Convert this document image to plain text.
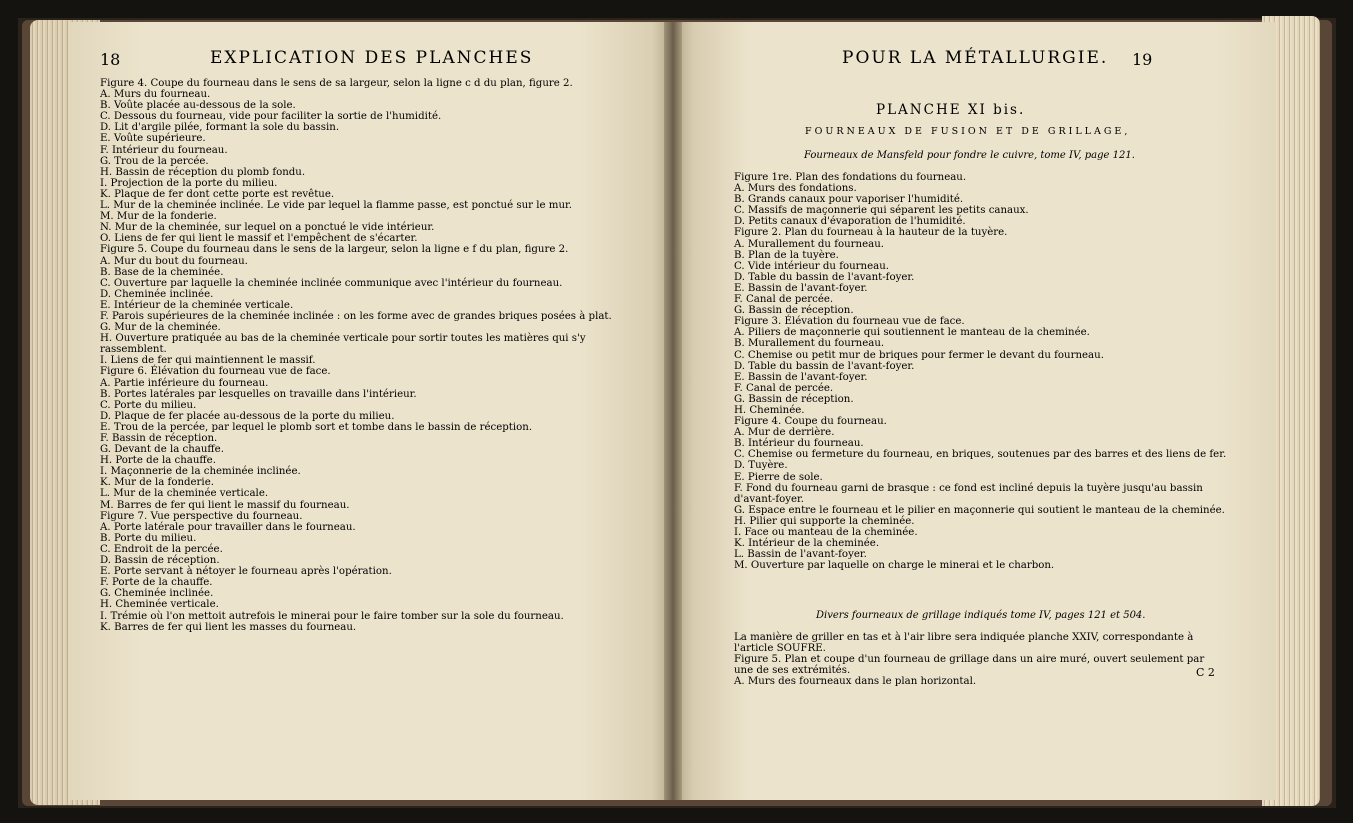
18	EXPLICATION DES PLANCHES

Figure 4. Coupe du fourneau dans le sens de sa largeur, selon la ligne c d du plan, figure 2.

A. Murs du fourneau.

B. Voûte placée au-dessous de la sole.

C. Dessous du fourneau, vide pour faciliter la sortie de l'humidité.

D. Lit d'argile pilée, formant la sole du bassin.

E. Voûte supérieure.

F. Intérieur du fourneau.

G. Trou de la percée.

H. Bassin de réception du plomb fondu.

I. Projection de la porte du milieu.

K. Plaque de fer dont cette porte est revêtue.

L. Mur de la cheminée inclinée. Le vide par lequel la flamme passe, est ponctué sur le mur.

M. Mur de la fonderie.

N. Mur de la cheminée, sur lequel on a ponctué le vide intérieur.

O. Liens de fer qui lient le massif et l'empêchent de s'écarter.

Figure 5. Coupe du fourneau dans le sens de la largeur, selon la ligne e f du plan, figure 2.

A. Mur du bout du fourneau.

B. Base de la cheminée.

C. Ouverture par laquelle la cheminée inclinée communique avec l'intérieur du fourneau.

D. Cheminée inclinée.

E. Intérieur de la cheminée verticale.

F. Parois supérieures de la cheminée inclinée : on les forme avec de grandes briques posées à plat.

G. Mur de la cheminée.

H. Ouverture pratiquée au bas de la cheminée verticale pour sortir toutes les matières qui s'y

rassemblent.

I. Liens de fer qui maintiennent le massif.

Figure 6. Élévation du fourneau vue de face.

A. Partie inférieure du fourneau.

B. Portes latérales par lesquelles on travaille dans l'intérieur.

C. Porte du milieu.

D. Plaque de fer placée au-dessous de la porte du milieu.

E. Trou de la percée, par lequel le plomb sort et tombe dans le bassin de réception.

F. Bassin de réception.

G. Devant de la chauffe.

H. Porte de la chauffe.

I. Maçonnerie de la cheminée inclinée.

K. Mur de la fonderie.

L. Mur de la cheminée verticale.

M. Barres de fer qui lient le massif du fourneau.

Figure 7. Vue perspective du fourneau.

A. Porte latérale pour travailler dans le fourneau.

B. Porte du milieu.

C. Endroit de la percée.

D. Bassin de réception.

E. Porte servant à nétoyer le fourneau après l'opération.

F. Porte de la chauffe.

G. Cheminée inclinée.

H. Cheminée verticale.

I. Trémie où l'on mettoit autrefois le minerai pour le faire tomber sur la sole du fourneau.

K. Barres de fer qui lient les masses du fourneau.

POUR LA MÉTALLURGIE. 19
PLANCHE XI bis.
FOURNEAUX DE FUSION ET DE GRILLAGE,
Fourneaux de Mansfeld pour fondre le cuivre, tome IV, page 121.

Figure 1re. Plan des fondations du fourneau.

A. Murs des fondations.

B. Grands canaux pour vaporiser l'humidité.

C. Massifs de maçonnerie qui séparent les petits canaux.

D. Petits canaux d'évaporation de l'humidité.

Figure 2. Plan du fourneau à la hauteur de la tuyère.

A. Murallement du fourneau.

B. Plan de la tuyère.

C. Vide intérieur du fourneau.

D. Table du bassin de l'avant-foyer.

E. Bassin de l'avant-foyer.

F. Canal de percée.

G. Bassin de réception.

Figure 3. Élévation du fourneau vue de face.

A. Piliers de maçonnerie qui soutiennent le manteau de la cheminée.

B. Murallement du fourneau.

C. Chemise ou petit mur de briques pour fermer le devant du fourneau.

D. Table du bassin de l'avant-foyer.

E. Bassin de l'avant-foyer.

F. Canal de percée.

G. Bassin de réception.

H. Cheminée.

Figure 4. Coupe du fourneau.

A. Mur de derrière.

B. Intérieur du fourneau.

C. Chemise ou fermeture du fourneau, en briques, soutenues par des barres et des liens de fer.

D. Tuyère.

E. Pierre de sole.

F. Fond du fourneau garni de brasque : ce fond est incliné depuis la tuyère jusqu'au bassin

d'avant-foyer.

G. Espace entre le fourneau et le pilier en maçonnerie qui soutient le manteau de la cheminée.

H. Pilier qui supporte la cheminée.

I. Face ou manteau de la cheminée.

K. Intérieur de la cheminée.

L. Bassin de l'avant-foyer.

M. Ouverture par laquelle on charge le minerai et le charbon.

Divers fourneaux de grillage indiqués tome IV, pages 121 et 504.

La manière de griller en tas et à l'air libre sera indiquée planche XXIV, correspondante à

l'article SOUFRE.

Figure 5. Plan et coupe d'un fourneau de grillage dans un aire muré, ouvert seulement par

une de ses extrémités.

A. Murs des fourneaux dans le plan horizontal.

C 2
